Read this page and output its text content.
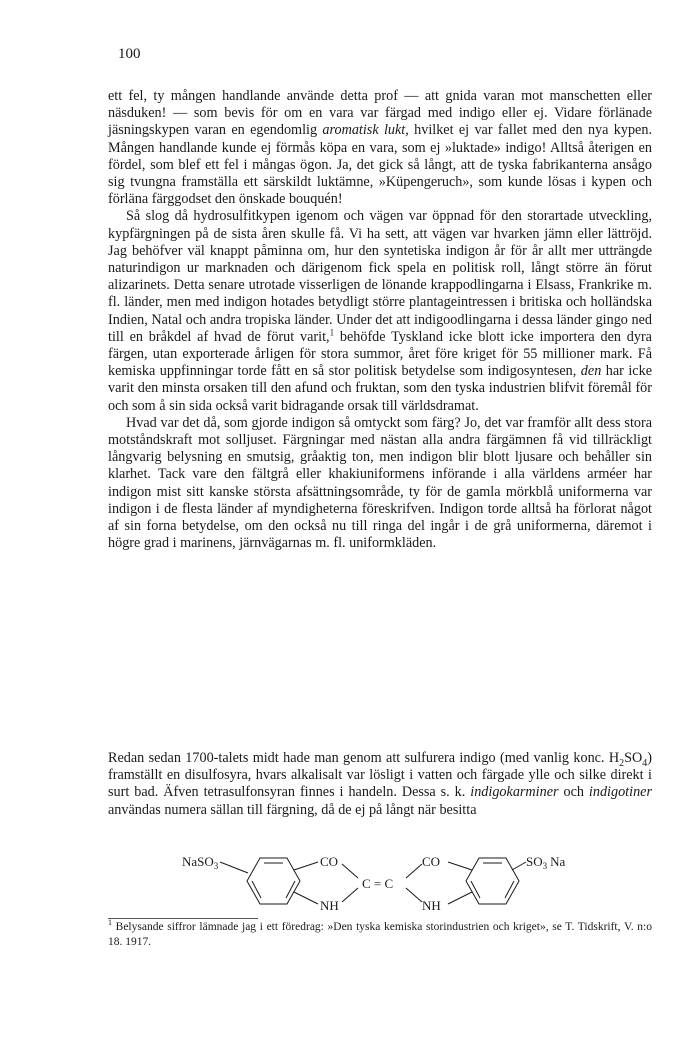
100

ett fel, ty mången handlande använde detta prof — att gnida varan mot manschetten eller näsduken! — som bevis för om en vara var färgad med indigo eller ej. Vidare förlänade jäsningskypen varan en egendomlig aromatisk lukt, hvilket ej var fallet med den nya kypen. Mången handlande kunde ej förmås köpa en vara, som ej »luktade» indigo! Alltså återigen en fördel, som blef ett fel i mångas ögon. Ja, det gick så långt, att de tyska fabrikanterna ansågo sig tvungna framställa ett särskildt luktämne, »Küpengeruch», som kunde lösas i kypen och förläna färggodset den önskade bouquén!

Så slog då hydrosulfitkypen igenom och vägen var öppnad för den storartade utveckling, kypfärgningen på de sista åren skulle få. Vi ha sett, att vägen var hvarken jämn eller lättröjd. Jag behöfver väl knappt påminna om, hur den syntetiska indigon år för år allt mer utträngde naturindigon ur marknaden och därigenom fick spela en politisk roll, långt större än förut alizarinets. Detta senare utrotade visserligen de lönande krappodlingarna i Elsass, Frankrike m. fl. länder, men med indigon hotades betydligt större plantageintressen i britiska och holländska Indien, Natal och andra tropiska länder. Under det att indigoodlingarna i dessa länder gingo ned till en bråkdel af hvad de förut varit,$^1$ behöfde Tyskland icke blott icke importera den dyra färgen, utan exporterade årligen för stora summor, året före kriget för 55 millioner mark. Få kemiska uppfinningar torde fått en så stor politisk betydelse som indigosyntesen, den har icke varit den minsta orsaken till den afund och fruktan, som den tyska industrien blifvit föremål för och som å sin sida också varit bidragande orsak till världsdramat.

Hvad var det då, som gjorde indigon så omtyckt som färg? Jo, det var framför allt dess stora motståndskraft mot solljuset. Färgningar med nästan alla andra färgämnen få vid tillräckligt långvarig belysning en smutsig, gråaktig ton, men indigon blir blott ljusare och behåller sin klarhet. Tack vare den fältgrå eller khakiuniformens införande i alla världens arméer har indigon mist sitt kanske största afsättningsområde, ty för de gamla mörkblå uniformerna var indigon i de flesta länder af myndigheterna föreskrifven. Indigon torde alltså ha förlorat något af sin forna betydelse, om den också nu till ringa del ingår i de grå uniformerna, däremot i högre grad i marinens, järnvägarnas m. fl. uniformkläden.

Redan sedan 1700-talets midt hade man genom att sulfurera indigo (med vanlig konc. $H_2SO_4$) framställt en disulfosyra, hvars alkalisalt var lösligt i vatten och färgade ylle och silke direkt i surt bad. Äfven tetrasulfonsyran finnes i handeln. Dessa s. k. indigokarminer och indigotiner användas numera sällan till färgning, då de ej på långt när besitta

NaSO$_3$	CO
NH
C = C
CO
NH
$SO_3$ Na
$^1$ Belysande siffror lämnade jag i ett föredrag: »Den tyska kemiska storindustrien och kriget», se T. Tidskrift, V. n:o 18. 1917.
